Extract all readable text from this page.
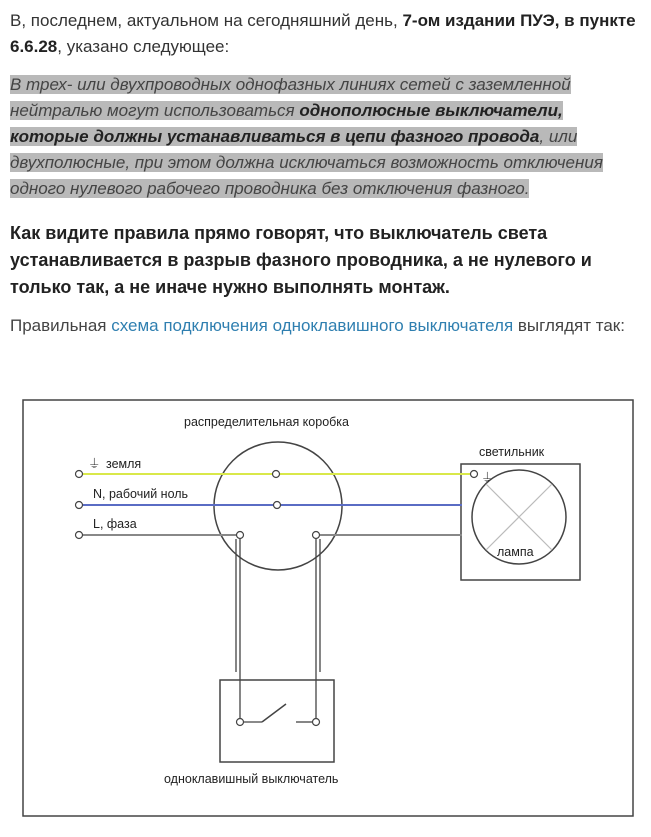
В, последнем, актуальном на сегодняшний день, 7-ом издании ПУЭ, в пункте 6.6.28, указано следующее:

В трех- или двухпроводных однофазных линиях сетей с заземленной нейтралью могут использоваться однополюсные выключатели, которые должны устанавливаться в цепи фазного провода, или двухполюсные, при этом должна исключаться возможность отключения одного нулевого рабочего проводника без отключения фазного.

Как видите правила прямо говорят, что выключатель света устанавливается в разрыв фазного проводника, а не нулевого и только так, а не иначе нужно выполнять монтаж.

Правильная схема подключения одноклавишного выключателя выглядят так:

распределительная коробка
светильник
лампа
⏚ земля
⏚
N, рабочий ноль
L, фаза
одноклавишный выключатель
